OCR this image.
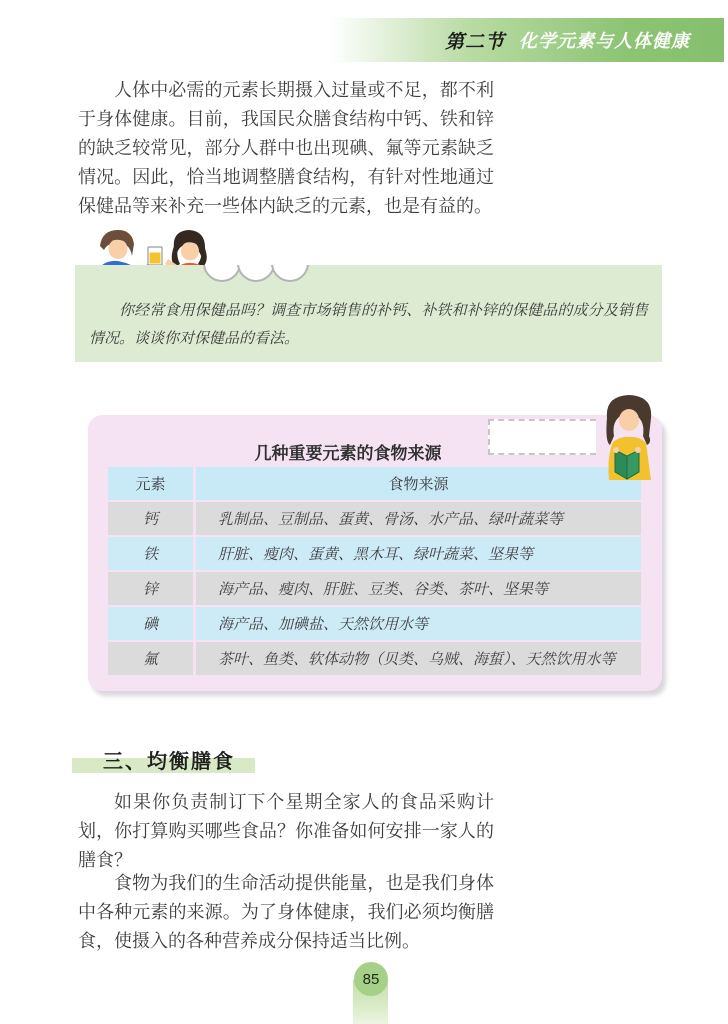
第二节 化学元素与人体健康

人体中必需的元素长期摄入过量或不足，都不利于身体健康。目前，我国民众膳食结构中钙、铁和锌的缺乏较常见，部分人群中也出现碘、氟等元素缺乏情况。因此，恰当地调整膳食结构，有针对性地通过保健品等来补充一些体内缺乏的元素，也是有益的。

你经常食用保健品吗？调查市场销售的补钙、补铁和补锌的保健品的成分及销售情况。谈谈你对保健品的看法。

几种重要元素的食物来源

元素	食物来源
钙	乳制品、豆制品、蛋黄、骨汤、水产品、绿叶蔬菜等
铁	肝脏、瘦肉、蛋黄、黑木耳、绿叶蔬菜、坚果等
锌	海产品、瘦肉、肝脏、豆类、谷类、茶叶、坚果等
碘	海产品、加碘盐、天然饮用水等
氟	茶叶、鱼类、软体动物（贝类、乌贼、海蜇）、天然饮用水等

三、均衡膳食

如果你负责制订下个星期全家人的食品采购计划，你打算购买哪些食品？你准备如何安排一家人的膳食？

食物为我们的生命活动提供能量，也是我们身体中各种元素的来源。为了身体健康，我们必须均衡膳食，使摄入的各种营养成分保持适当比例。

85
